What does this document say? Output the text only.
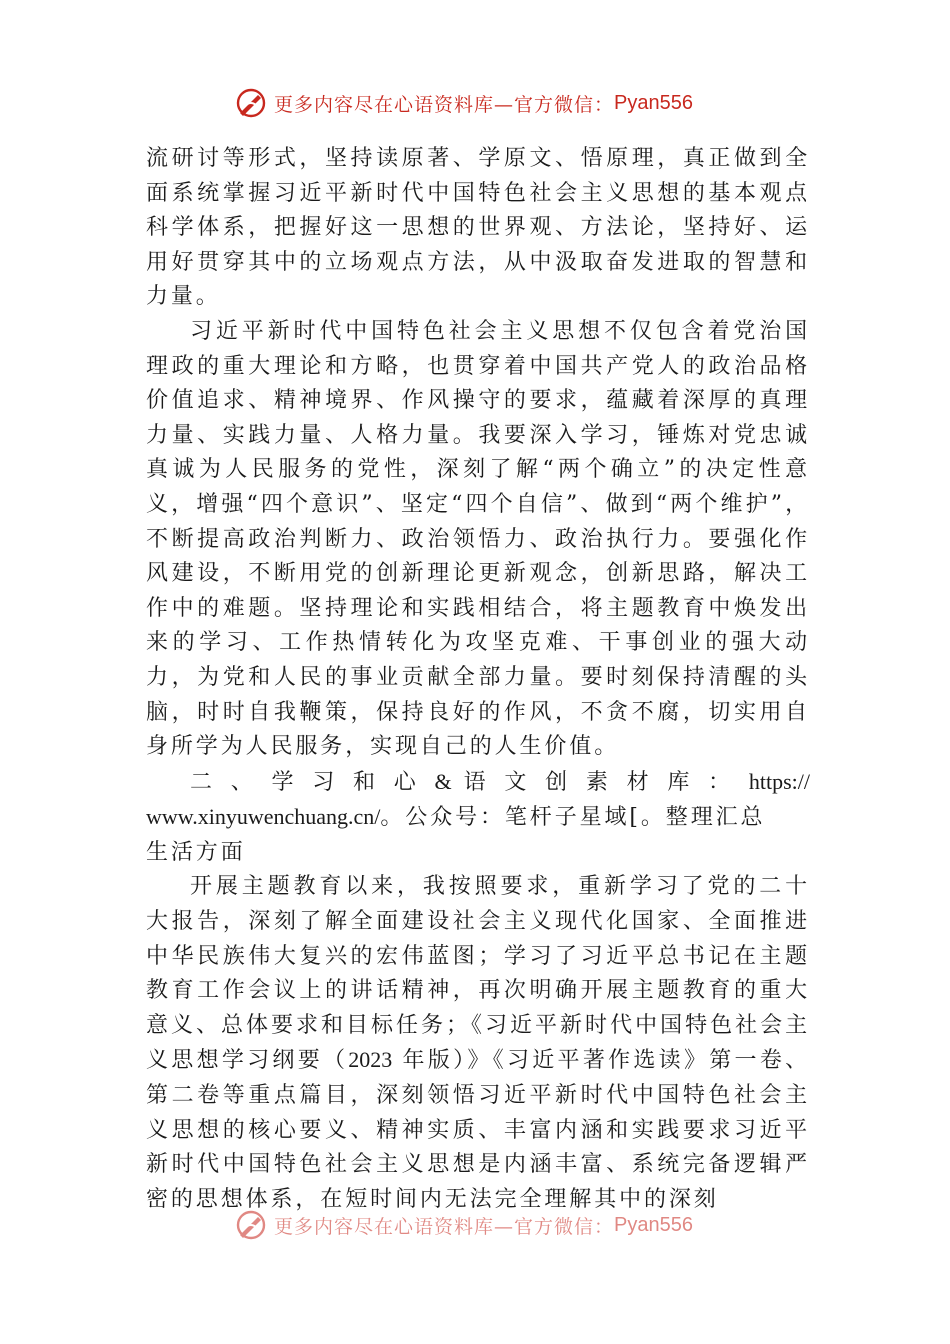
更多内容尽在心语资料库—官方微信： Pyan556

流研讨等形式，坚持读原著、学原文、悟原理，真正做到全面系统掌握习近平新时代中国特色社会主义思想的基本观点科学体系，把握好这一思想的世界观、方法论，坚持好、运用好贯穿其中的立场观点方法，从中汲取奋发进取的智慧和力量。

习近平新时代中国特色社会主义思想不仅包含着党治国理政的重大理论和方略，也贯穿着中国共产党人的政治品格价值追求、精神境界、作风操守的要求，蕴藏着深厚的真理力量、实践力量、人格力量。我要深入学习，锤炼对党忠诚真诚为人民服务的党性，深刻了解“两个确立”的决定性意义，增强“四个意识”、坚定“四个自信”、做到“两个维护”，不断提高政治判断力、政治领悟力、政治执行力。要强化作风建设，不断用党的创新理论更新观念，创新思路，解决工作中的难题。坚持理论和实践相结合，将主题教育中焕发出来的学习、工作热情转化为攻坚克难、干事创业的强大动力，为党和人民的事业贡献全部力量。要时刻保持清醒的头脑，时时自我鞭策，保持良好的作风，不贪不腐，切实用自身所学为人民服务，实现自己的人生价值。

二 、 学 习 和 心 & 语 文 创 素 材 库 ： https://

www.xinyuwenchuang.cn/。公众号：笔杆子星域[。整理汇总

生活方面

开展主题教育以来，我按照要求，重新学习了党的二十大报告，深刻了解全面建设社会主义现代化国家、全面推进中华民族伟大复兴的宏伟蓝图；学习了习近平总书记在主题教育工作会议上的讲话精神，再次明确开展主题教育的重大意义、总体要求和目标任务；《习近平新时代中国特色社会主义思想学习纲要（2023 年版）》《习近平著作选读》第一卷、第二卷等重点篇目，深刻领悟习近平新时代中国特色社会主义思想的核心要义、精神实质、丰富内涵和实践要求习近平新时代中国特色社会主义思想是内涵丰富、系统完备逻辑严密的思想体系，在短时间内无法完全理解其中的深刻

更多内容尽在心语资料库—官方微信： Pyan556
